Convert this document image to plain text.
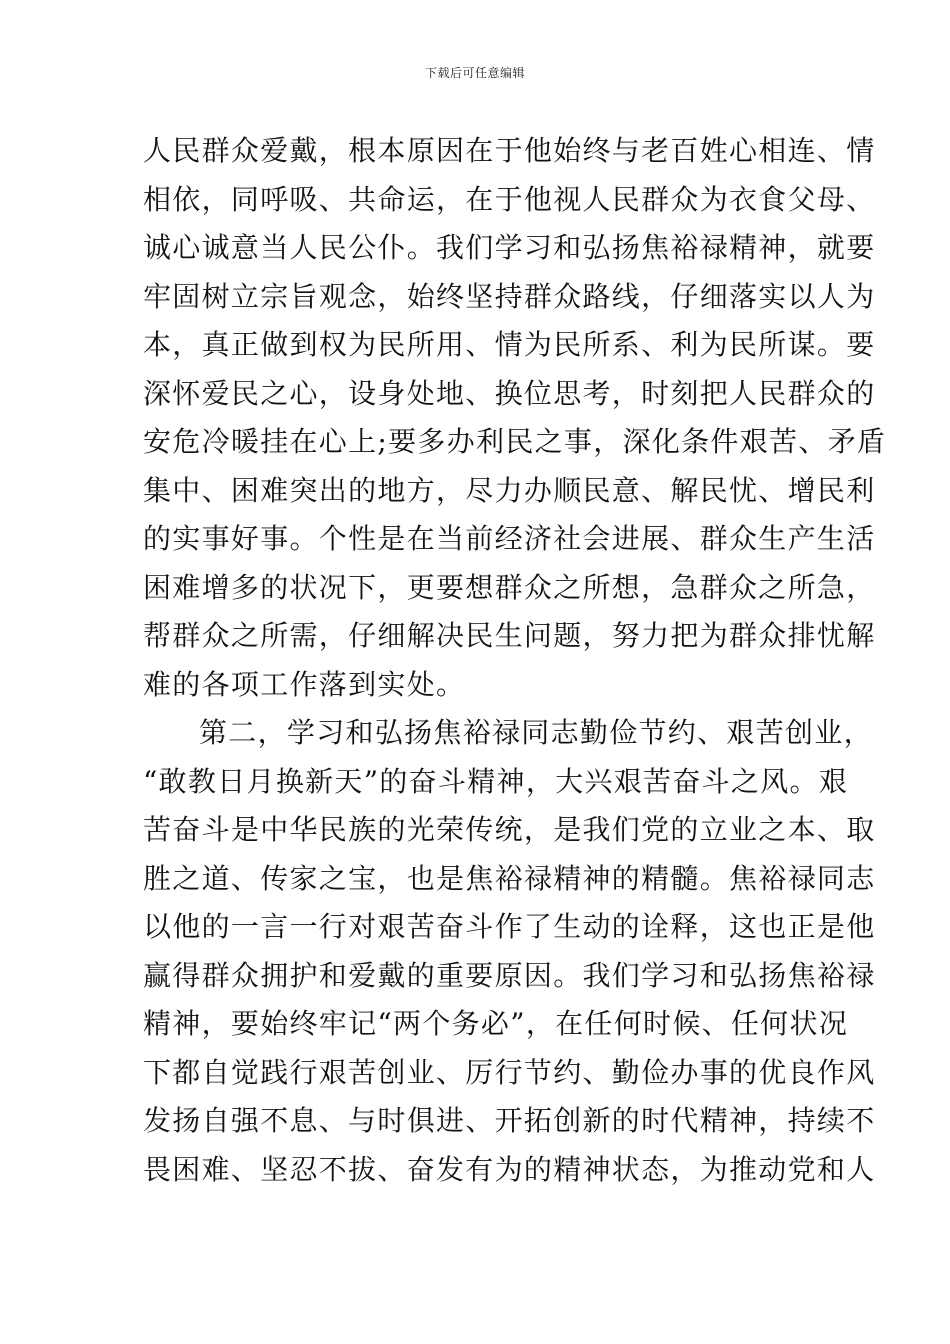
下载后可任意编辑
人民群众爱戴，根本原因在于他始终与老百姓心相连、情
相依，同呼吸、共命运，在于他视人民群众为衣食父母、
诚心诚意当人民公仆。我们学习和弘扬焦裕禄精神，就要
牢固树立宗旨观念，始终坚持群众路线，仔细落实以人为
本，真正做到权为民所用、情为民所系、利为民所谋。要
深怀爱民之心，设身处地、换位思考，时刻把人民群众的
安危冷暖挂在心上;要多办利民之事，深化条件艰苦、矛盾
集中、困难突出的地方，尽力办顺民意、解民忧、增民利
的实事好事。个性是在当前经济社会进展、群众生产生活
困难增多的状况下，更要想群众之所想，急群众之所急，
帮群众之所需，仔细解决民生问题，努力把为群众排忧解
难的各项工作落到实处。
第二，学习和弘扬焦裕禄同志勤俭节约、艰苦创业，
“敢教日月换新天”的奋斗精神，大兴艰苦奋斗之风。艰
苦奋斗是中华民族的光荣传统，是我们党的立业之本、取
胜之道、传家之宝，也是焦裕禄精神的精髓。焦裕禄同志
以他的一言一行对艰苦奋斗作了生动的诠释，这也正是他
赢得群众拥护和爱戴的重要原因。我们学习和弘扬焦裕禄
精神，要始终牢记“两个务必”，在任何时候、任何状况
下都自觉践行艰苦创业、厉行节约、勤俭办事的优良作风
发扬自强不息、与时俱进、开拓创新的时代精神，持续不
畏困难、坚忍不拔、奋发有为的精神状态，为推动党和人
